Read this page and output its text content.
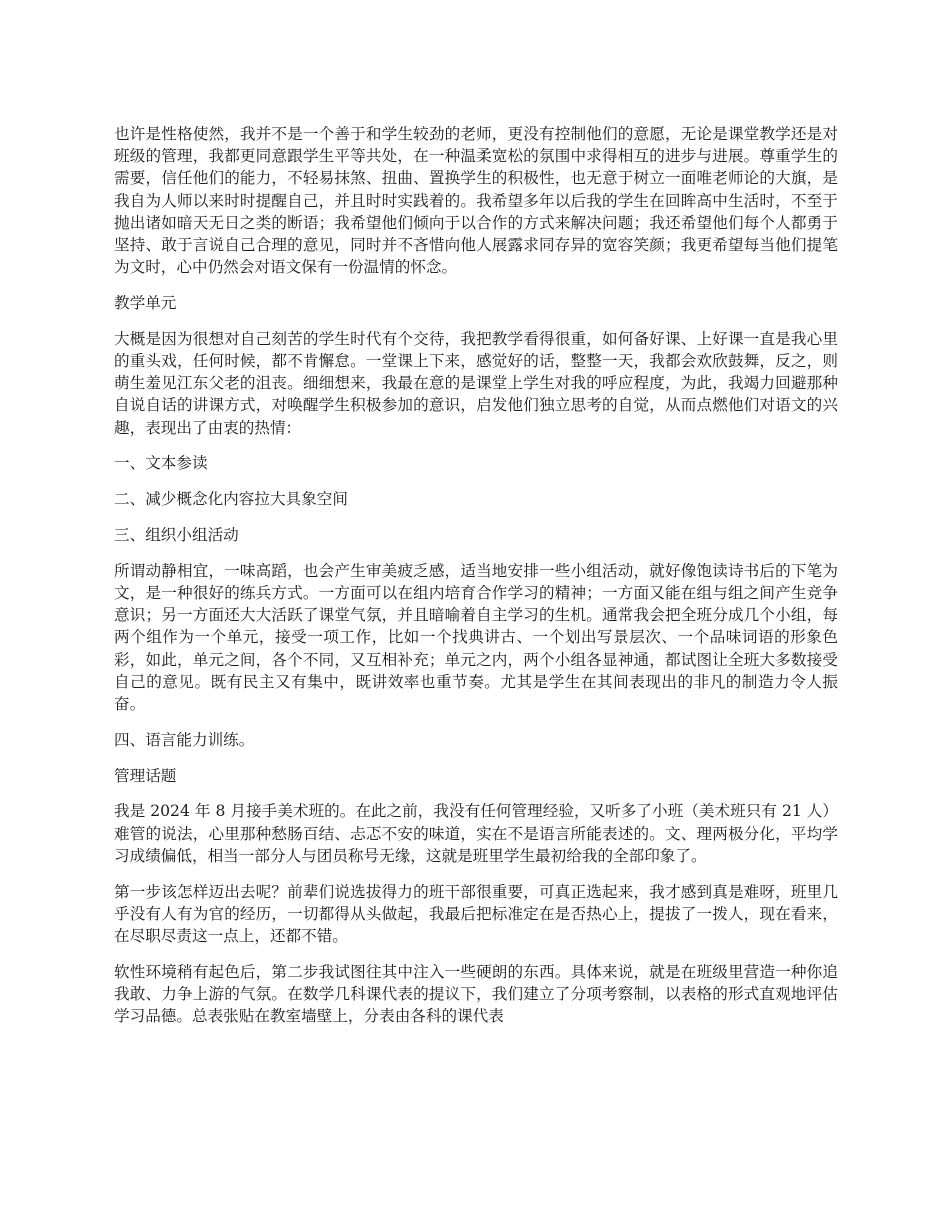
也许是性格使然，我并不是一个善于和学生较劲的老师，更没有控制他们的意愿，无论是课堂教学还是对班级的管理，我都更同意跟学生平等共处，在一种温柔宽松的氛围中求得相互的进步与进展。尊重学生的需要，信任他们的能力，不轻易抹煞、扭曲、置换学生的积极性，也无意于树立一面唯老师论的大旗，是我自为人师以来时时提醒自己，并且时时实践着的。我希望多年以后我的学生在回眸高中生活时，不至于抛出诸如暗天无日之类的断语；我希望他们倾向于以合作的方式来解决问题；我还希望他们每个人都勇于坚持、敢于言说自己合理的意见，同时并不吝惜向他人展露求同存异的宽容笑颜；我更希望每当他们提笔为文时，心中仍然会对语文保有一份温情的怀念。

教学单元

大概是因为很想对自己刻苦的学生时代有个交待，我把教学看得很重，如何备好课、上好课一直是我心里的重头戏，任何时候，都不肯懈怠。一堂课上下来，感觉好的话，整整一天，我都会欢欣鼓舞，反之，则萌生羞见江东父老的沮丧。细细想来，我最在意的是课堂上学生对我的呼应程度，为此，我竭力回避那种自说自话的讲课方式，对唤醒学生积极参加的意识，启发他们独立思考的自觉，从而点燃他们对语文的兴趣，表现出了由衷的热情：

一、文本参读

二、减少概念化内容拉大具象空间

三、组织小组活动

所谓动静相宜，一味高蹈，也会产生审美疲乏感，适当地安排一些小组活动，就好像饱读诗书后的下笔为文，是一种很好的练兵方式。一方面可以在组内培育合作学习的精神；一方面又能在组与组之间产生竞争意识；另一方面还大大活跃了课堂气氛，并且暗喻着自主学习的生机。通常我会把全班分成几个小组，每两个组作为一个单元，接受一项工作，比如一个找典讲古、一个划出写景层次、一个品味词语的形象色彩，如此，单元之间，各个不同，又互相补充；单元之内，两个小组各显神通，都试图让全班大多数接受自己的意见。既有民主又有集中，既讲效率也重节奏。尤其是学生在其间表现出的非凡的制造力令人振奋。

四、语言能力训练。

管理话题

我是 2024 年 8 月接手美术班的。在此之前，我没有任何管理经验，又听多了小班（美术班只有 21 人）难管的说法，心里那种愁肠百结、忐忑不安的味道，实在不是语言所能表述的。文、理两极分化，平均学习成绩偏低，相当一部分人与团员称号无缘，这就是班里学生最初给我的全部印象了。

第一步该怎样迈出去呢？前辈们说选拔得力的班干部很重要，可真正选起来，我才感到真是难呀，班里几乎没有人有为官的经历，一切都得从头做起，我最后把标准定在是否热心上，提拔了一拨人，现在看来，在尽职尽责这一点上，还都不错。

软性环境稍有起色后，第二步我试图往其中注入一些硬朗的东西。具体来说，就是在班级里营造一种你追我敢、力争上游的气氛。在数学几科课代表的提议下，我们建立了分项考察制，以表格的形式直观地评估学习品德。总表张贴在教室墙壁上，分表由各科的课代表
